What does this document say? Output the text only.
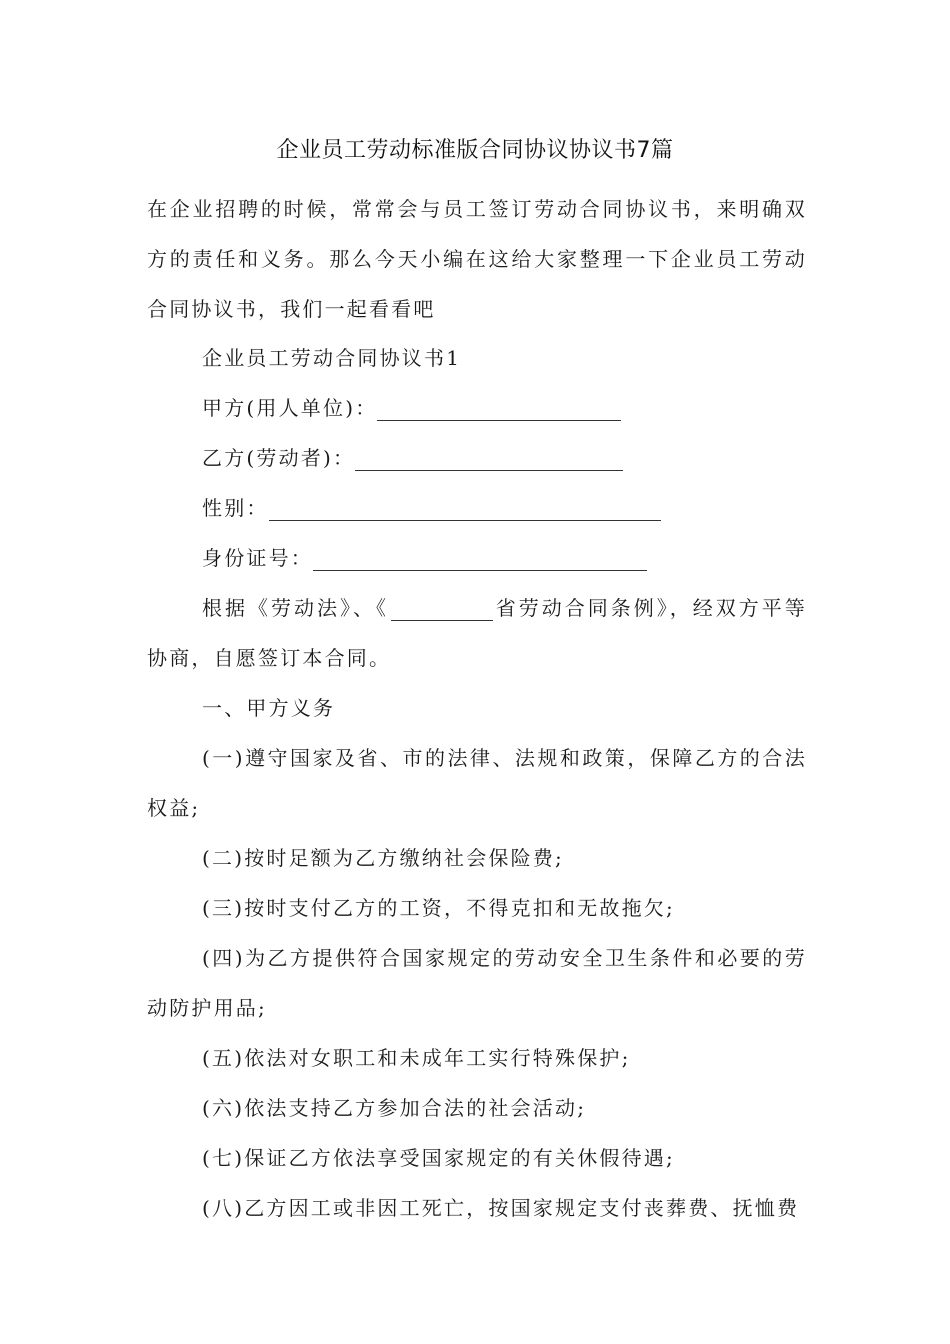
企业员工劳动标准版合同协议协议书7篇

在企业招聘的时候，常常会与员工签订劳动合同协议书，来明确双方的责任和义务。那么今天小编在这给大家整理一下企业员工劳动合同协议书，我们一起看看吧

企业员工劳动合同协议书1

甲方(用人单位)：

乙方(劳动者)：

性别：

身份证号：

根据《劳动法》、《	省劳动合同条例》，经双方平等协商，自愿签订本合同。

一、甲方义务

(一)遵守国家及省、市的法律、法规和政策，保障乙方的合法权益;

(二)按时足额为乙方缴纳社会保险费;

(三)按时支付乙方的工资，不得克扣和无故拖欠;

(四)为乙方提供符合国家规定的劳动安全卫生条件和必要的劳动防护用品;

(五)依法对女职工和未成年工实行特殊保护;

(六)依法支持乙方参加合法的社会活动;

(七)保证乙方依法享受国家规定的有关休假待遇;

(八)乙方因工或非因工死亡，按国家规定支付丧葬费、抚恤费
